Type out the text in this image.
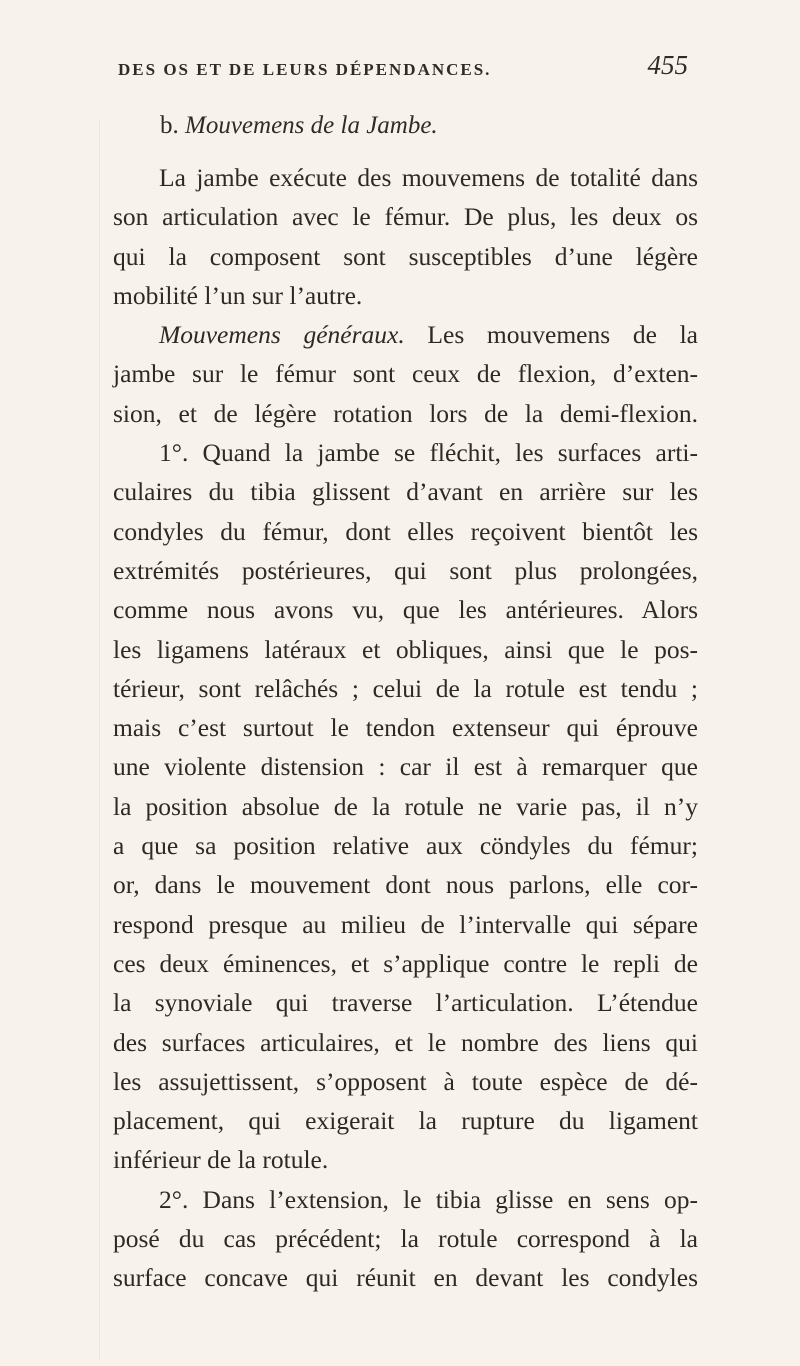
DES OS ET DE LEURS DÉPENDANCES.	455
b. Mouvemens de la Jambe.
La jambe exécute des mouvemens de totalité dans
son articulation avec le fémur. De plus, les deux os
qui la composent sont susceptibles d’une légère
mobilité l’un sur l’autre.
Mouvemens généraux. Les mouvemens de la
jambe sur le fémur sont ceux de flexion, d’exten-
sion, et de légère rotation lors de la demi-flexion.
1°. Quand la jambe se fléchit, les surfaces arti-
culaires du tibia glissent d’avant en arrière sur les
condyles du fémur, dont elles reçoivent bientôt les
extrémités postérieures, qui sont plus prolongées,
comme nous avons vu, que les antérieures. Alors
les ligamens latéraux et obliques, ainsi que le pos-
térieur, sont relâchés ; celui de la rotule est tendu ;
mais c’est surtout le tendon extenseur qui éprouve
une violente distension : car il est à remarquer que
la position absolue de la rotule ne varie pas, il n’y
a que sa position relative aux cöndyles du fémur;
or, dans le mouvement dont nous parlons, elle cor-
respond presque au milieu de l’intervalle qui sépare
ces deux éminences, et s’applique contre le repli de
la synoviale qui traverse l’articulation. L’étendue
des surfaces articulaires, et le nombre des liens qui
les assujettissent, s’opposent à toute espèce de dé-
placement, qui exigerait la rupture du ligament
inférieur de la rotule.
2°. Dans l’extension, le tibia glisse en sens op-
posé du cas précédent; la rotule correspond à la
surface concave qui réunit en devant les condyles
